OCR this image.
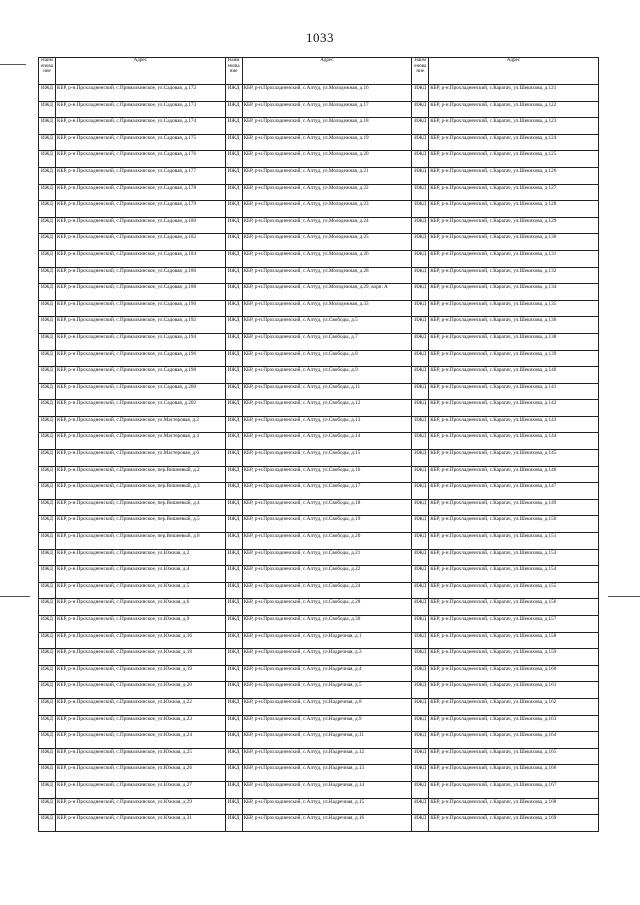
1033
Наим енова ние	Адрес	Наим енова ние	Адрес	Наим енова ние	Адрес
ИЖД	КБР, р-н.Прохладненский, с.Прималкинское, ул.Садовая, д.172	ИЖД	КБР, р-н.Прохладненский, с.Алтуд, ул.Молодежная, д.16	ИЖД	КБР, р-н.Прохладненский, с.Карагач, ул.Шекихова, д.121
ИЖД	КБР, р-н.Прохладненский, с.Прималкинское, ул.Садовая, д.173	ИЖД	КБР, р-н.Прохладненский, с.Алтуд, ул.Молодежная, д.17	ИЖД	КБР, р-н.Прохладненский, с.Карагач, ул.Шекихова, д.122
ИЖД	КБР, р-н.Прохладненский, с.Прималкинское, ул.Садовая, д.174	ИЖД	КБР, р-н.Прохладненский, с.Алтуд, ул.Молодежная, д.18	ИЖД	КБР, р-н.Прохладненский, с.Карагач, ул.Шекихова, д.123
ИЖД	КБР, р-н.Прохладненский, с.Прималкинское, ул.Садовая, д.175	ИЖД	КБР, р-н.Прохладненский, с.Алтуд, ул.Молодежная, д.19	ИЖД	КБР, р-н.Прохладненский, с.Карагач, ул.Шекихова, д.124
ИЖД	КБР, р-н.Прохладненский, с.Прималкинское, ул.Садовая, д.176	ИЖД	КБР, р-н.Прохладненский, с.Алтуд, ул.Молодежная, д.20	ИЖД	КБР, р-н.Прохладненский, с.Карагач, ул.Шекихова, д.125
ИЖД	КБР, р-н.Прохладненский, с.Прималкинское, ул.Садовая, д.177	ИЖД	КБР, р-н.Прохладненский, с.Алтуд, ул.Молодежная, д.21	ИЖД	КБР, р-н.Прохладненский, с.Карагач, ул.Шекихова, д.126
ИЖД	КБР, р-н.Прохладненский, с.Прималкинское, ул.Садовая, д.178	ИЖД	КБР, р-н.Прохладненский, с.Алтуд, ул.Молодежная, д.22	ИЖД	КБР, р-н.Прохладненский, с.Карагач, ул.Шекихова, д.127
ИЖД	КБР, р-н.Прохладненский, с.Прималкинское, ул.Садовая, д.179	ИЖД	КБР, р-н.Прохладненский, с.Алтуд, ул.Молодежная, д.23	ИЖД	КБР, р-н.Прохладненский, с.Карагач, ул.Шекихова, д.128
ИЖД	КБР, р-н.Прохладненский, с.Прималкинское, ул.Садовая, д.180	ИЖД	КБР, р-н.Прохладненский, с.Алтуд, ул.Молодежная, д.24	ИЖД	КБР, р-н.Прохладненский, с.Карагач, ул.Шекихова, д.129
ИЖД	КБР, р-н.Прохладненский, с.Прималкинское, ул.Садовая, д.182	ИЖД	КБР, р-н.Прохладненский, с.Алтуд, ул.Молодежная, д.25	ИЖД	КБР, р-н.Прохладненский, с.Карагач, ул.Шекихова, д.130
ИЖД	КБР, р-н.Прохладненский, с.Прималкинское, ул.Садовая, д.184	ИЖД	КБР, р-н.Прохладненский, с.Алтуд, ул.Молодежная, д.26	ИЖД	КБР, р-н.Прохладненский, с.Карагач, ул.Шекихова, д.131
ИЖД	КБР, р-н.Прохладненский, с.Прималкинское, ул.Садовая, д.186	ИЖД	КБР, р-н.Прохладненский, с.Алтуд, ул.Молодежная, д.28	ИЖД	КБР, р-н.Прохладненский, с.Карагач, ул.Шекихова, д.132
ИЖД	КБР, р-н.Прохладненский, с.Прималкинское, ул.Садовая, д.188	ИЖД	КБР, р-н.Прохладненский, с.Алтуд, ул.Молодежная, д.29, корп. А	ИЖД	КБР, р-н.Прохладненский, с.Карагач, ул.Шекихова, д.134
ИЖД	КБР, р-н.Прохладненский, с.Прималкинское, ул.Садовая, д.190	ИЖД	КБР, р-н.Прохладненский, с.Алтуд, ул.Молодежная, д.33	ИЖД	КБР, р-н.Прохладненский, с.Карагач, ул.Шекихова, д.135
ИЖД	КБР, р-н.Прохладненский, с.Прималкинское, ул.Садовая, д.192	ИЖД	КБР, р-н.Прохладненский, с.Алтуд, ул.Свободы, д.5	ИЖД	КБР, р-н.Прохладненский, с.Карагач, ул.Шекихова, д.136
ИЖД	КБР, р-н.Прохладненский, с.Прималкинское, ул.Садовая, д.194	ИЖД	КБР, р-н.Прохладненский, с.Алтуд, ул.Свободы, д.7	ИЖД	КБР, р-н.Прохладненский, с.Карагач, ул.Шекихова, д.138
ИЖД	КБР, р-н.Прохладненский, с.Прималкинское, ул.Садовая, д.196	ИЖД	КБР, р-н.Прохладненский, с.Алтуд, ул.Свободы, д.8	ИЖД	КБР, р-н.Прохладненский, с.Карагач, ул.Шекихова, д.139
ИЖД	КБР, р-н.Прохладненский, с.Прималкинское, ул.Садовая, д.198	ИЖД	КБР, р-н.Прохладненский, с.Алтуд, ул.Свободы, д.9	ИЖД	КБР, р-н.Прохладненский, с.Карагач, ул.Шекихова, д.140
ИЖД	КБР, р-н.Прохладненский, с.Прималкинское, ул.Садовая, д.200	ИЖД	КБР, р-н.Прохладненский, с.Алтуд, ул.Свободы, д.11	ИЖД	КБР, р-н.Прохладненский, с.Карагач, ул.Шекихова, д.141
ИЖД	КБР, р-н.Прохладненский, с.Прималкинское, ул.Садовая, д.202	ИЖД	КБР, р-н.Прохладненский, с.Алтуд, ул.Свободы, д.12	ИЖД	КБР, р-н.Прохладненский, с.Карагач, ул.Шекихова, д.142
ИЖД	КБР, р-н.Прохладненский, с.Прималкинское, ул.Мастеровая, д.2	ИЖД	КБР, р-н.Прохладненский, с.Алтуд, ул.Свободы, д.13	ИЖД	КБР, р-н.Прохладненский, с.Карагач, ул.Шекихова, д.143
ИЖД	КБР, р-н.Прохладненский, с.Прималкинское, ул.Мастеровая, д.4	ИЖД	КБР, р-н.Прохладненский, с.Алтуд, ул.Свободы, д.14	ИЖД	КБР, р-н.Прохладненский, с.Карагач, ул.Шекихова, д.144
ИЖД	КБР, р-н.Прохладненский, с.Прималкинское, ул.Мастеровая, д.6	ИЖД	КБР, р-н.Прохладненский, с.Алтуд, ул.Свободы, д.15	ИЖД	КБР, р-н.Прохладненский, с.Карагач, ул.Шекихова, д.145
ИЖД	КБР, р-н.Прохладненский, с.Прималкинское, пер.Вишневый, д.2	ИЖД	КБР, р-н.Прохладненский, с.Алтуд, ул.Свободы, д.16	ИЖД	КБР, р-н.Прохладненский, с.Карагач, ул.Шекихова, д.146
ИЖД	КБР, р-н.Прохладненский, с.Прималкинское, пер.Вишневый, д.3	ИЖД	КБР, р-н.Прохладненский, с.Алтуд, ул.Свободы, д.17	ИЖД	КБР, р-н.Прохладненский, с.Карагач, ул.Шекихова, д.147
ИЖД	КБР, р-н.Прохладненский, с.Прималкинское, пер.Вишневый, д.4	ИЖД	КБР, р-н.Прохладненский, с.Алтуд, ул.Свободы, д.18	ИЖД	КБР, р-н.Прохладненский, с.Карагач, ул.Шекихова, д.149
ИЖД	КБР, р-н.Прохладненский, с.Прималкинское, пер.Вишневый, д.5	ИЖД	КБР, р-н.Прохладненский, с.Алтуд, ул.Свободы, д.19	ИЖД	КБР, р-н.Прохладненский, с.Карагач, ул.Шекихова, д.150
ИЖД	КБР, р-н.Прохладненский, с.Прималкинское, пер.Вишневый, д.8	ИЖД	КБР, р-н.Прохладненский, с.Алтуд, ул.Свободы, д.20	ИЖД	КБР, р-н.Прохладненский, с.Карагач, ул.Шекихова, д.151
ИЖД	КБР, р-н.Прохладненский, с.Прималкинское, ул.Южная, д.2	ИЖД	КБР, р-н.Прохладненский, с.Алтуд, ул.Свободы, д.21	ИЖД	КБР, р-н.Прохладненский, с.Карагач, ул.Шекихова, д.153
ИЖД	КБР, р-н.Прохладненский, с.Прималкинское, ул.Южная, д.4	ИЖД	КБР, р-н.Прохладненский, с.Алтуд, ул.Свободы, д.22	ИЖД	КБР, р-н.Прохладненский, с.Карагач, ул.Шекихова, д.154
ИЖД	КБР, р-н.Прохладненский, с.Прималкинское, ул.Южная, д.5	ИЖД	КБР, р-н.Прохладненский, с.Алтуд, ул.Свободы, д.24	ИЖД	КБР, р-н.Прохладненский, с.Карагач, ул.Шекихова, д.155
ИЖД	КБР, р-н.Прохладненский, с.Прималкинское, ул.Южная, д.6	ИЖД	КБР, р-н.Прохладненский, с.Алтуд, ул.Свободы, д.28	ИЖД	КБР, р-н.Прохладненский, с.Карагач, ул.Шекихова, д.156
ИЖД	КБР, р-н.Прохладненский, с.Прималкинское, ул.Южная, д.9	ИЖД	КБР, р-н.Прохладненский, с.Алтуд, ул.Свободы, д.30	ИЖД	КБР, р-н.Прохладненский, с.Карагач, ул.Шекихова, д.157
ИЖД	КБР, р-н.Прохладненский, с.Прималкинское, ул.Южная, д.16	ИЖД	КБР, р-н.Прохладненский, с.Алтуд, ул.Надречная, д.1	ИЖД	КБР, р-н.Прохладненский, с.Карагач, ул.Шекихова, д.158
ИЖД	КБР, р-н.Прохладненский, с.Прималкинское, ул.Южная, д.18	ИЖД	КБР, р-н.Прохладненский, с.Алтуд, ул.Надречная, д.3	ИЖД	КБР, р-н.Прохладненский, с.Карагач, ул.Шекихова, д.159
ИЖД	КБР, р-н.Прохладненский, с.Прималкинское, ул.Южная, д.19	ИЖД	КБР, р-н.Прохладненский, с.Алтуд, ул.Надречная, д.4	ИЖД	КБР, р-н.Прохладненский, с.Карагач, ул.Шекихова, д.160
ИЖД	КБР, р-н.Прохладненский, с.Прималкинское, ул.Южная, д.20	ИЖД	КБР, р-н.Прохладненский, с.Алтуд, ул.Надречная, д.5	ИЖД	КБР, р-н.Прохладненский, с.Карагач, ул.Шекихова, д.161
ИЖД	КБР, р-н.Прохладненский, с.Прималкинское, ул.Южная, д.22	ИЖД	КБР, р-н.Прохладненский, с.Алтуд, ул.Надречная, д.8	ИЖД	КБР, р-н.Прохладненский, с.Карагач, ул.Шекихова, д.162
ИЖД	КБР, р-н.Прохладненский, с.Прималкинское, ул.Южная, д.23	ИЖД	КБР, р-н.Прохладненский, с.Алтуд, ул.Надречная, д.9	ИЖД	КБР, р-н.Прохладненский, с.Карагач, ул.Шекихова, д.163
ИЖД	КБР, р-н.Прохладненский, с.Прималкинское, ул.Южная, д.24	ИЖД	КБР, р-н.Прохладненский, с.Алтуд, ул.Надречная, д.11	ИЖД	КБР, р-н.Прохладненский, с.Карагач, ул.Шекихова, д.164
ИЖД	КБР, р-н.Прохладненский, с.Прималкинское, ул.Южная, д.25	ИЖД	КБР, р-н.Прохладненский, с.Алтуд, ул.Надречная, д.12	ИЖД	КБР, р-н.Прохладненский, с.Карагач, ул.Шекихова, д.165
ИЖД	КБР, р-н.Прохладненский, с.Прималкинское, ул.Южная, д.26	ИЖД	КБР, р-н.Прохладненский, с.Алтуд, ул.Надречная, д.13	ИЖД	КБР, р-н.Прохладненский, с.Карагач, ул.Шекихова, д.166
ИЖД	КБР, р-н.Прохладненский, с.Прималкинское, ул.Южная, д.27	ИЖД	КБР, р-н.Прохладненский, с.Алтуд, ул.Надречная, д.14	ИЖД	КБР, р-н.Прохладненский, с.Карагач, ул.Шекихова, д.167
ИЖД	КБР, р-н.Прохладненский, с.Прималкинское, ул.Южная, д.29	ИЖД	КБР, р-н.Прохладненский, с.Алтуд, ул.Надречная, д.15	ИЖД	КБР, р-н.Прохладненский, с.Карагач, ул.Шекихова, д.168
ИЖД	КБР, р-н.Прохладненский, с.Прималкинское, ул.Южная, д.31	ИЖД	КБР, р-н.Прохладненский, с.Алтуд, ул.Надречная, д.16	ИЖД	КБР, р-н.Прохладненский, с.Карагач, ул.Шекихова, д.169
